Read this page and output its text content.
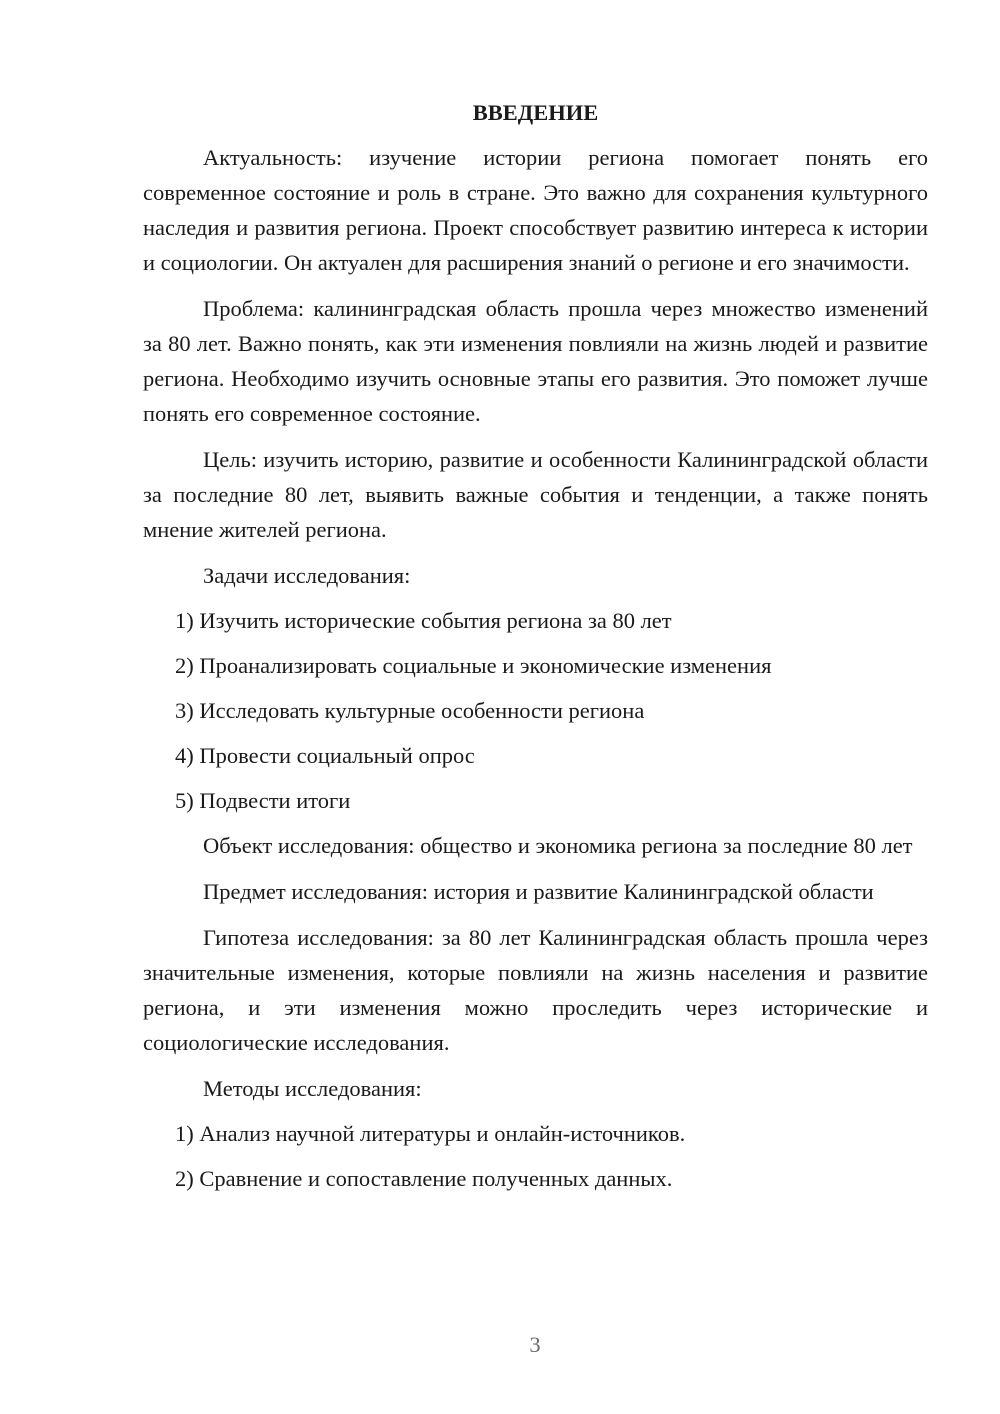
ВВЕДЕНИЕ

Актуальность: изучение истории региона помогает понять его современное состояние и роль в стране. Это важно для сохранения культурного наследия и развития региона. Проект способствует развитию интереса к истории и социологии. Он актуален для расширения знаний о регионе и его значимости.

Проблема: калининградская область прошла через множество изменений за 80 лет. Важно понять, как эти изменения повлияли на жизнь людей и развитие региона. Необходимо изучить основные этапы его развития. Это поможет лучше понять его современное состояние.

Цель: изучить историю, развитие и особенности Калининградской области за последние 80 лет, выявить важные события и тенденции, а также понять мнение жителей региона.

Задачи исследования:

1) Изучить исторические события региона за 80 лет
2) Проанализировать социальные и экономические изменения
3) Исследовать культурные особенности региона
4) Провести социальный опрос
5) Подвести итоги

Объект исследования: общество и экономика региона за последние 80 лет

Предмет исследования: история и развитие Калининградской области

Гипотеза исследования: за 80 лет Калининградская область прошла через значительные изменения, которые повлияли на жизнь населения и развитие региона, и эти изменения можно проследить через исторические и социологические исследования.

Методы исследования:

1) Анализ научной литературы и онлайн-источников.
2) Сравнение и сопоставление полученных данных.
3
